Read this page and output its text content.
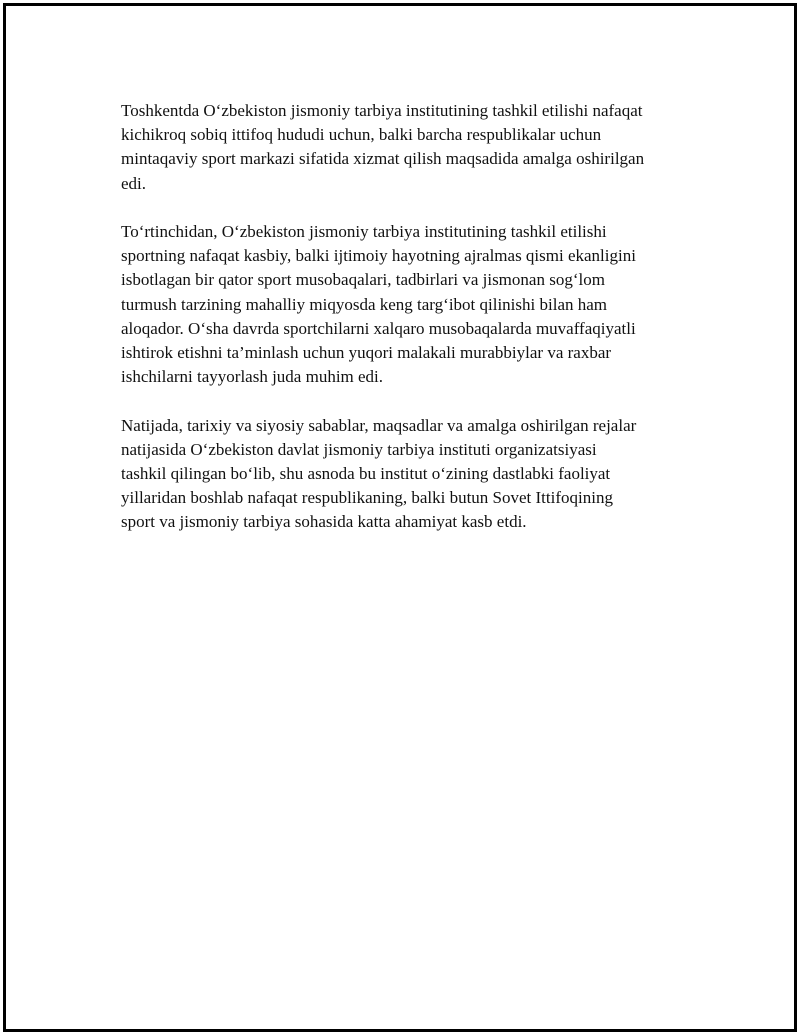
Toshkentda O‘zbekiston jismoniy tarbiya institutining tashkil etilishi nafaqat
kichikroq sobiq ittifoq hududi uchun, balki barcha respublikalar uchun
mintaqaviy sport markazi sifatida xizmat qilish maqsadida amalga oshirilgan
edi.

To‘rtinchidan, O‘zbekiston jismoniy tarbiya institutining tashkil etilishi
sportning nafaqat kasbiy, balki ijtimoiy hayotning ajralmas qismi ekanligini
isbotlagan bir qator sport musobaqalari, tadbirlari va jismonan sog‘lom
turmush tarzining mahalliy miqyosda keng targ‘ibot qilinishi bilan ham
aloqador. O‘sha davrda sportchilarni xalqaro musobaqalarda muvaffaqiyatli
ishtirok etishni ta’minlash uchun yuqori malakali murabbiylar va raxbar
ishchilarni tayyorlash juda muhim edi.

Natijada, tarixiy va siyosiy sabablar, maqsadlar va amalga oshirilgan rejalar
natijasida O‘zbekiston davlat jismoniy tarbiya instituti organizatsiyasi
tashkil qilingan bo‘lib, shu asnoda bu institut o‘zining dastlabki faoliyat
yillaridan boshlab nafaqat respublikaning, balki butun Sovet Ittifoqining
sport va jismoniy tarbiya sohasida katta ahamiyat kasb etdi.
